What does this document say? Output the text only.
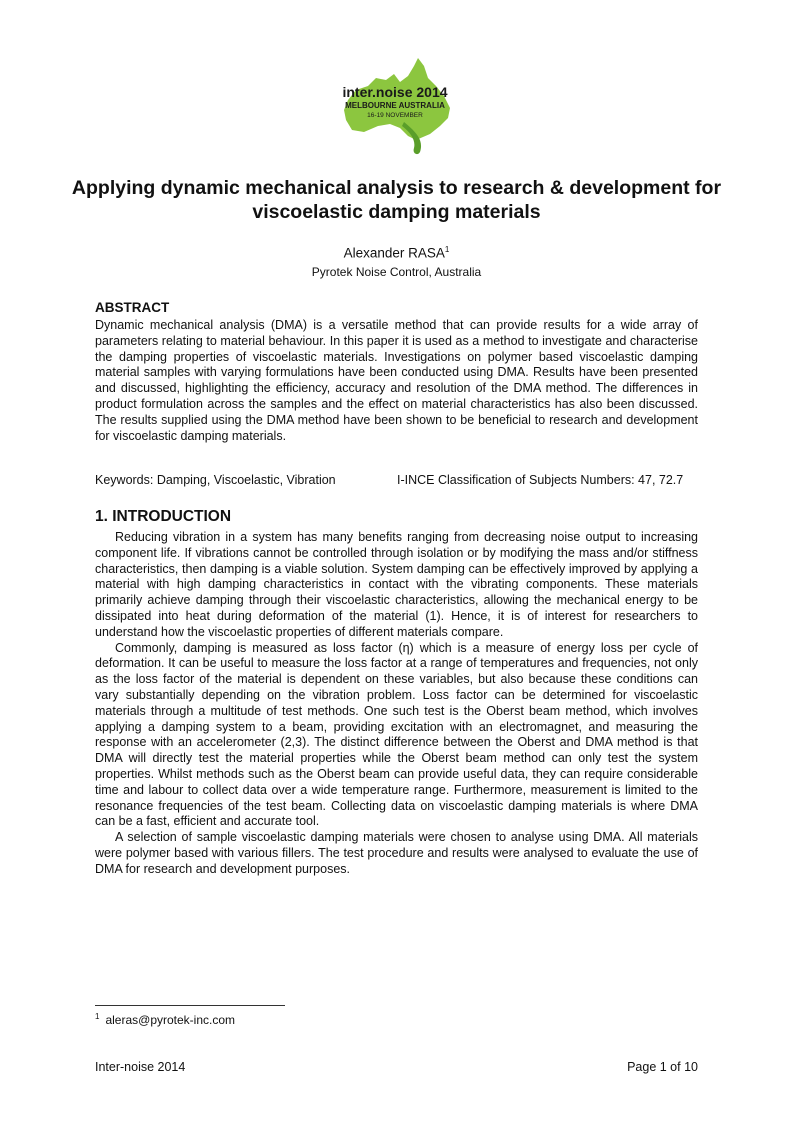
inter.noise 2014
MELBOURNE AUSTRALIA
16-19 NOVEMBER
Applying dynamic mechanical analysis to research & development for viscoelastic damping materials
Alexander RASA$^1$
Pyrotek Noise Control, Australia
ABSTRACT

Dynamic mechanical analysis (DMA) is a versatile method that can provide results for a wide array of parameters relating to material behaviour. In this paper it is used as a method to investigate and characterise the damping properties of viscoelastic materials. Investigations on polymer based viscoelastic damping material samples with varying formulations have been conducted using DMA. Results have been presented and discussed, highlighting the efficiency, accuracy and resolution of the DMA method. The differences in product formulation across the samples and the effect on material characteristics has also been discussed. The results supplied using the DMA method have been shown to be beneficial to research and development for viscoelastic damping materials.

Keywords: Damping, Viscoelastic, Vibration	I-INCE Classification of Subjects Numbers: 47, 72.7
1. INTRODUCTION

Reducing vibration in a system has many benefits ranging from decreasing noise output to increasing component life. If vibrations cannot be controlled through isolation or by modifying the mass and/or stiffness characteristics, then damping is a viable solution. System damping can be effectively improved by applying a material with high damping characteristics in contact with the vibrating components. These materials primarily achieve damping through their viscoelastic characteristics, allowing the mechanical energy to be dissipated into heat during deformation of the material (1). Hence, it is of interest for researchers to understand how the viscoelastic properties of different materials compare.

Commonly, damping is measured as loss factor (η) which is a measure of energy loss per cycle of deformation. It can be useful to measure the loss factor at a range of temperatures and frequencies, not only as the loss factor of the material is dependent on these variables, but also because these conditions can vary substantially depending on the vibration problem. Loss factor can be determined for viscoelastic materials through a multitude of test methods. One such test is the Oberst beam method, which involves applying a damping system to a beam, providing excitation with an electromagnet, and measuring the response with an accelerometer (2,3). The distinct difference between the Oberst and DMA method is that DMA will directly test the material properties while the Oberst beam method can only test the system properties. Whilst methods such as the Oberst beam can provide useful data, they can require considerable time and labour to collect data over a wide temperature range. Furthermore, measurement is limited to the resonance frequencies of the test beam. Collecting data on viscoelastic damping materials is where DMA can be a fast, efficient and accurate tool.

A selection of sample viscoelastic damping materials were chosen to analyse using DMA. All materials were polymer based with various fillers. The test procedure and results were analysed to evaluate the use of DMA for research and development purposes.

$^1$ aleras@pyrotek-inc.com
Inter-noise 2014	Page 1 of 10
